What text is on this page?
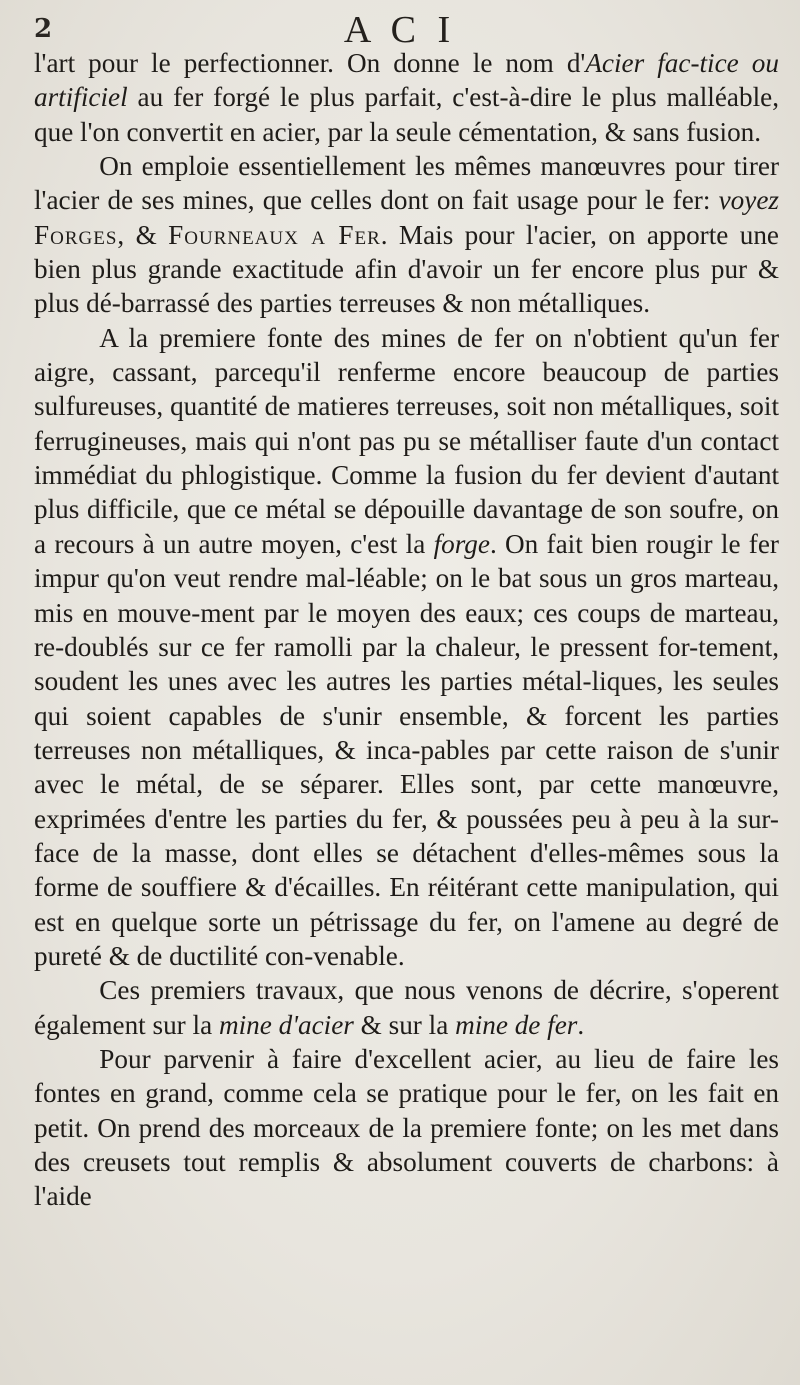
2	A C I

l'art pour le perfectionner. On donne le nom d'Acier fac-tice ou artificiel au fer forgé le plus parfait, c'est-à-dire le plus malléable, que l'on convertit en acier, par la seule cémentation, & sans fusion.

On emploie essentiellement les mêmes manœuvres pour tirer l'acier de ses mines, que celles dont on fait usage pour le fer: voyez Forges, & Fourneaux a Fer. Mais pour l'acier, on apporte une bien plus grande exactitude afin d'avoir un fer encore plus pur & plus dé-barrassé des parties terreuses & non métalliques.

A la premiere fonte des mines de fer on n'obtient qu'un fer aigre, cassant, parcequ'il renferme encore beaucoup de parties sulfureuses, quantité de matieres terreuses, soit non métalliques, soit ferrugineuses, mais qui n'ont pas pu se métalliser faute d'un contact immédiat du phlogistique. Comme la fusion du fer devient d'autant plus difficile, que ce métal se dépouille davantage de son soufre, on a recours à un autre moyen, c'est la forge. On fait bien rougir le fer impur qu'on veut rendre mal-léable; on le bat sous un gros marteau, mis en mouve-ment par le moyen des eaux; ces coups de marteau, re-doublés sur ce fer ramolli par la chaleur, le pressent for-tement, soudent les unes avec les autres les parties métal-liques, les seules qui soient capables de s'unir ensemble, & forcent les parties terreuses non métalliques, & inca-pables par cette raison de s'unir avec le métal, de se séparer. Elles sont, par cette manœuvre, exprimées d'entre les parties du fer, & poussées peu à peu à la sur-face de la masse, dont elles se détachent d'elles-mêmes sous la forme de souffiere & d'écailles. En réitérant cette manipulation, qui est en quelque sorte un pétrissage du fer, on l'amene au degré de pureté & de ductilité con-venable.

Ces premiers travaux, que nous venons de décrire, s'operent également sur la mine d'acier & sur la mine de fer.

Pour parvenir à faire d'excellent acier, au lieu de faire les fontes en grand, comme cela se pratique pour le fer, on les fait en petit. On prend des morceaux de la premiere fonte; on les met dans des creusets tout remplis & absolument couverts de charbons: à l'aide
